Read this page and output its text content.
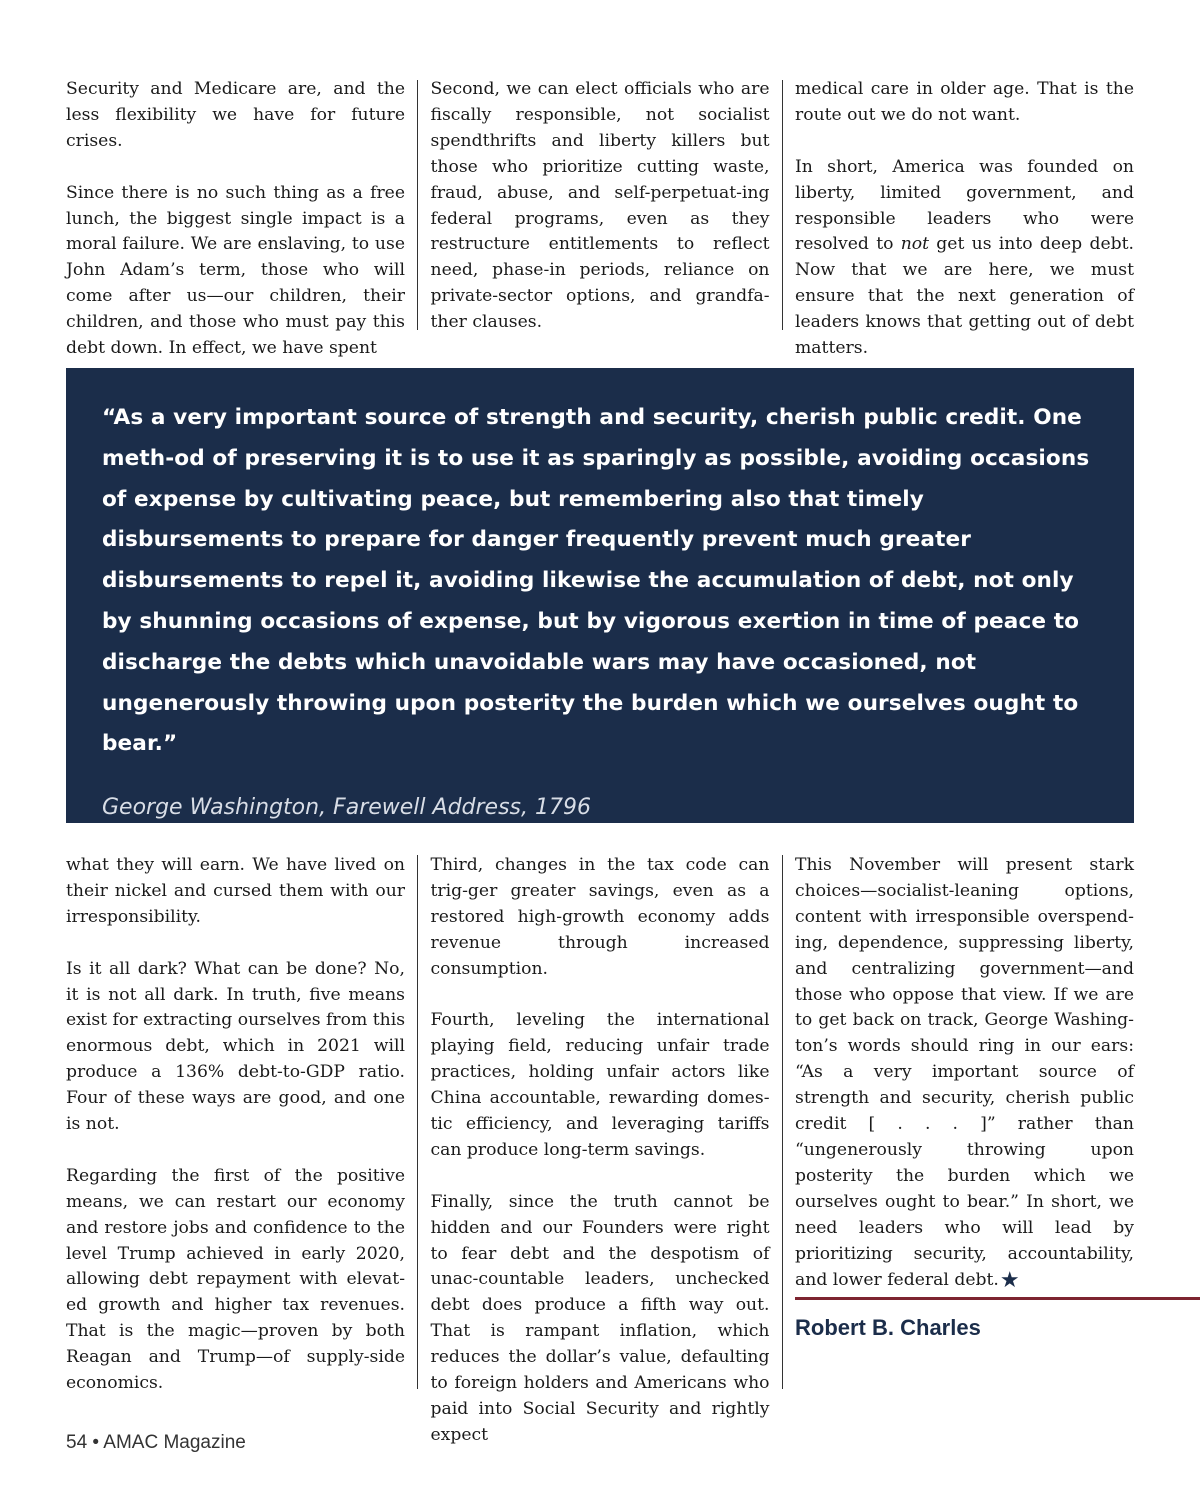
Security and Medicare are, and the less flexibility we have for future crises.

Since there is no such thing as a free lunch, the biggest single impact is a moral failure. We are enslaving, to use John Adam’s term, those who will come after us—our children, their children, and those who must pay this debt down. In effect, we have spent

Second, we can elect officials who are fiscally responsible, not socialist spendthrifts and liberty killers but those who prioritize cutting waste, fraud, abuse, and self-perpetuat-ing federal programs, even as they restructure entitlements to reflect need, phase-in periods, reliance on private-sector options, and grandfa-ther clauses.

medical care in older age. That is the route out we do not want.

In short, America was founded on liberty, limited government, and responsible leaders who were resolved to not get us into deep debt. Now that we are here, we must ensure that the next generation of leaders knows that getting out of debt matters.

“As a very important source of strength and security, cherish public credit. One meth-od of preserving it is to use it as sparingly as possible, avoiding occasions of expense by cultivating peace, but remembering also that timely disbursements to prepare for danger frequently prevent much greater disbursements to repel it, avoiding likewise the accumulation of debt, not only by shunning occasions of expense, but by vigorous exertion in time of peace to discharge the debts which unavoidable wars may have occasioned, not ungenerously throwing upon posterity the burden which we ourselves ought to bear.”

George Washington, Farewell Address, 1796

what they will earn. We have lived on their nickel and cursed them with our irresponsibility.

Is it all dark? What can be done? No, it is not all dark. In truth, five means exist for extracting ourselves from this enormous debt, which in 2021 will produce a 136% debt-to-GDP ratio. Four of these ways are good, and one is not.

Regarding the first of the positive means, we can restart our economy and restore jobs and confidence to the level Trump achieved in early 2020, allowing debt repayment with elevat-ed growth and higher tax revenues. That is the magic—proven by both Reagan and Trump—of supply-side economics.

Third, changes in the tax code can trig-ger greater savings, even as a restored high-growth economy adds revenue through increased consumption.

Fourth, leveling the international playing field, reducing unfair trade practices, holding unfair actors like China accountable, rewarding domes-tic efficiency, and leveraging tariffs can produce long-term savings.

Finally, since the truth cannot be hidden and our Founders were right to fear debt and the despotism of unac-countable leaders, unchecked debt does produce a fifth way out. That is rampant inflation, which reduces the dollar’s value, defaulting to foreign holders and Americans who paid into Social Security and rightly expect

This November will present stark choices—socialist-leaning options, content with irresponsible overspend-ing, dependence, suppressing liberty, and centralizing government—and those who oppose that view. If we are to get back on track, George Washing-ton’s words should ring in our ears: “As a very important source of strength and security, cherish public credit [ . . . ]” rather than “ungenerously throwing upon posterity the burden which we ourselves ought to bear.” In short, we need leaders who will lead by prioritizing security, accountability, and lower federal debt.★

Robert B. Charles
54 • AMAC Magazine
